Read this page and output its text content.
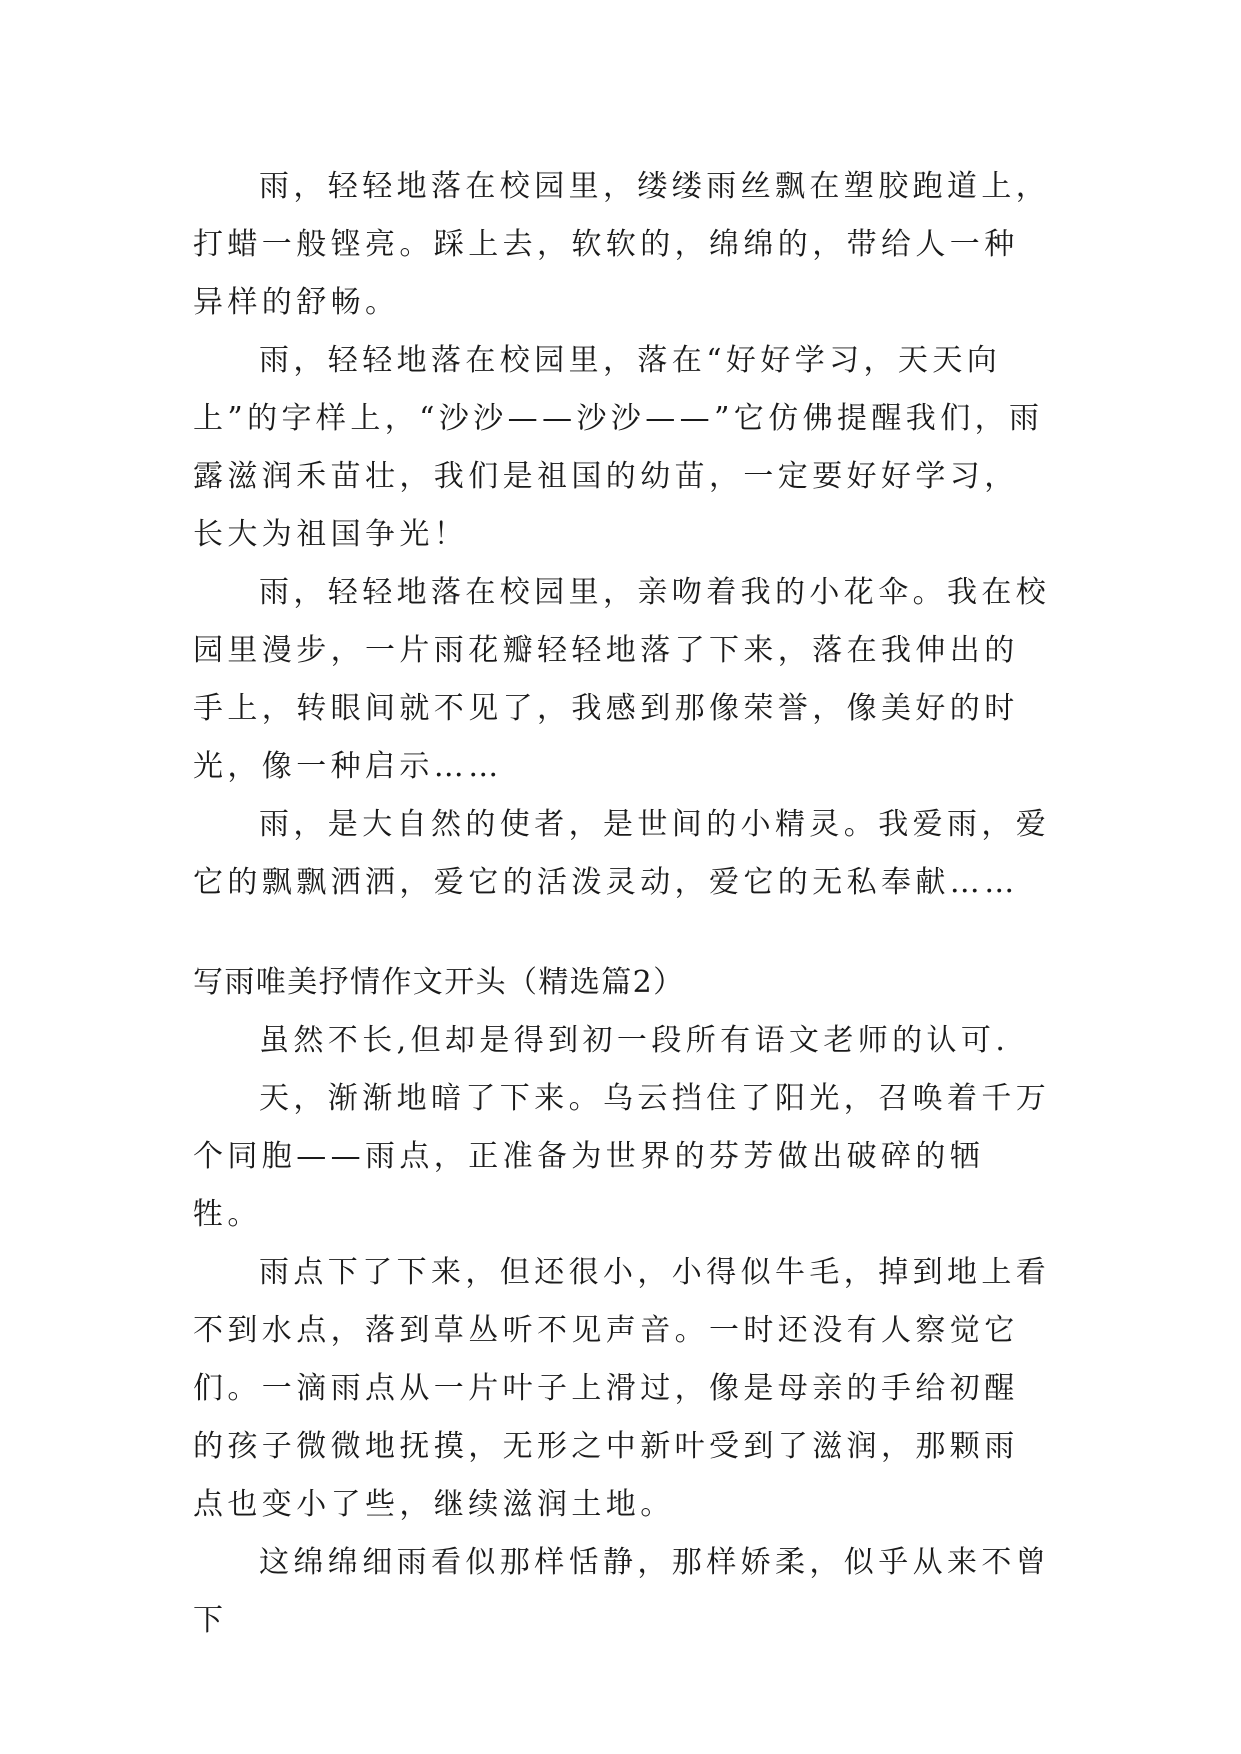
雨，轻轻地落在校园里，缕缕雨丝飘在塑胶跑道上，打蜡一般铿亮。踩上去，软软的，绵绵的，带给人一种异样的舒畅。

雨，轻轻地落在校园里，落在“好好学习，天天向上”的字样上，“沙沙——沙沙——”它仿佛提醒我们，雨露滋润禾苗壮，我们是祖国的幼苗，一定要好好学习，长大为祖国争光！

雨，轻轻地落在校园里，亲吻着我的小花伞。我在校园里漫步，一片雨花瓣轻轻地落了下来，落在我伸出的手上，转眼间就不见了，我感到那像荣誉，像美好的时光，像一种启示……

雨，是大自然的使者，是世间的小精灵。我爱雨，爱它的飘飘洒洒，爱它的活泼灵动，爱它的无私奉献……

写雨唯美抒情作文开头（精选篇2）

虽然不长,但却是得到初一段所有语文老师的认可.

天，渐渐地暗了下来。乌云挡住了阳光，召唤着千万个同胞——雨点，正准备为世界的芬芳做出破碎的牺牲。

雨点下了下来，但还很小，小得似牛毛，掉到地上看不到水点，落到草丛听不见声音。一时还没有人察觉它们。一滴雨点从一片叶子上滑过，像是母亲的手给初醒的孩子微微地抚摸，无形之中新叶受到了滋润，那颗雨点也变小了些，继续滋润土地。

这绵绵细雨看似那样恬静，那样娇柔，似乎从来不曾下
